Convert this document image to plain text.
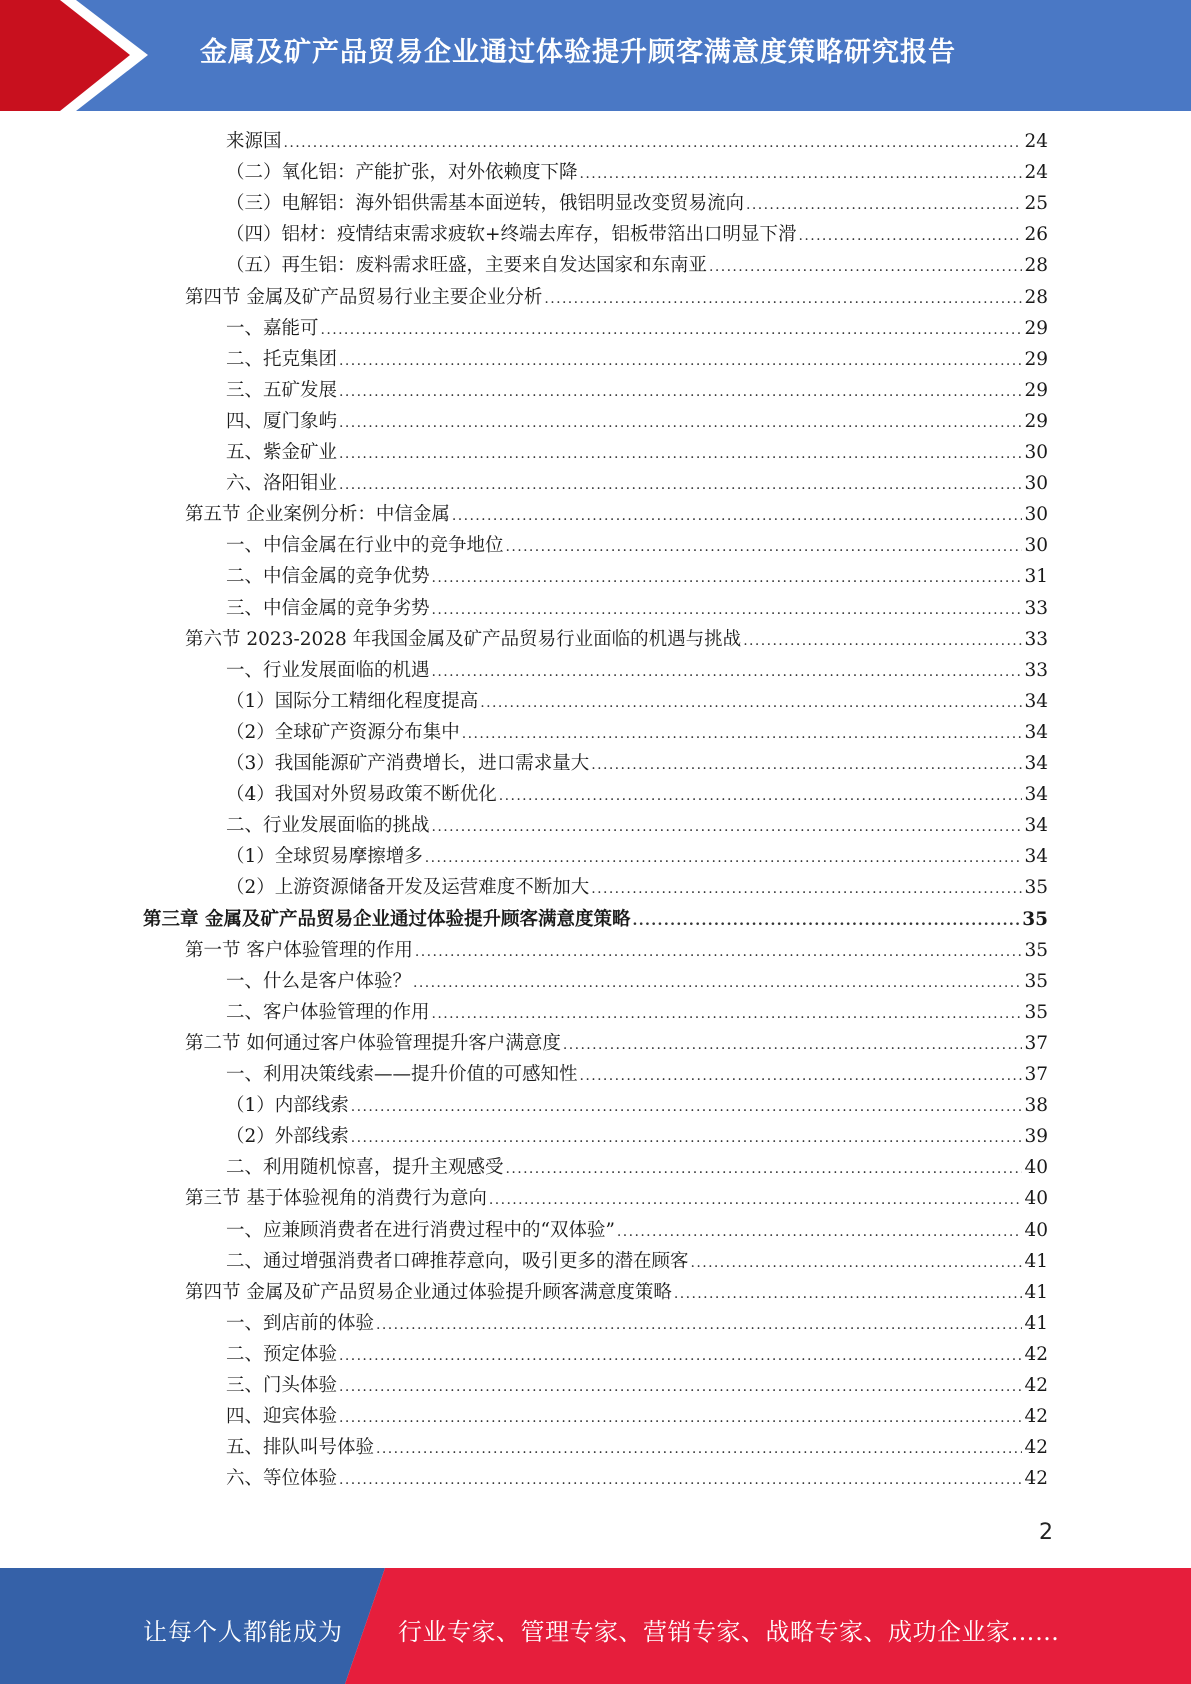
金属及矿产品贸易企业通过体验提升顾客满意度策略研究报告
来源国 .....	24
（二）氧化铝：产能扩张，对外依赖度下降 .....	24
（三）电解铝：海外铝供需基本面逆转，俄铝明显改变贸易流向 .....	25
（四）铝材：疫情结束需求疲软+终端去库存，铝板带箔出口明显下滑 .....	26
（五）再生铝：废料需求旺盛，主要来自发达国家和东南亚 .....	28
第四节 金属及矿产品贸易行业主要企业分析 .....	28
一、嘉能可 .....	29
二、托克集团 .....	29
三、五矿发展 .....	29
四、厦门象屿 .....	29
五、紫金矿业 .....	30
六、洛阳钼业 .....	30
第五节 企业案例分析：中信金属 .....	30
一、中信金属在行业中的竞争地位 .....	30
二、中信金属的竞争优势 .....	31
三、中信金属的竞争劣势 .....	33
第六节 2023-2028 年我国金属及矿产品贸易行业面临的机遇与挑战 .....	33
一、行业发展面临的机遇 .....	33
（1）国际分工精细化程度提高 .....	34
（2）全球矿产资源分布集中 .....	34
（3）我国能源矿产消费增长，进口需求量大 .....	34
（4）我国对外贸易政策不断优化 .....	34
二、行业发展面临的挑战 .....	34
（1）全球贸易摩擦增多 .....	34
（2）上游资源储备开发及运营难度不断加大 .....	35
第三章 金属及矿产品贸易企业通过体验提升顾客满意度策略 .....	35
第一节 客户体验管理的作用 .....	35
一、什么是客户体验？ .....	35
二、客户体验管理的作用 .....	35
第二节 如何通过客户体验管理提升客户满意度 .....	37
一、利用决策线索——提升价值的可感知性 .....	37
（1）内部线索 .....	38
（2）外部线索 .....	39
二、利用随机惊喜，提升主观感受 .....	40
第三节 基于体验视角的消费行为意向 .....	40
一、应兼顾消费者在进行消费过程中的“双体验” .....	40
二、通过增强消费者口碑推荐意向，吸引更多的潜在顾客 .....	41
第四节 金属及矿产品贸易企业通过体验提升顾客满意度策略 .....	41
一、到店前的体验 .....	41
二、预定体验 .....	42
三、门头体验 .....	42
四、迎宾体验 .....	42
五、排队叫号体验 .....	42
六、等位体验 .....	42
2
让每个人都能成为 行业专家、管理专家、营销专家、战略专家、成功企业家……
